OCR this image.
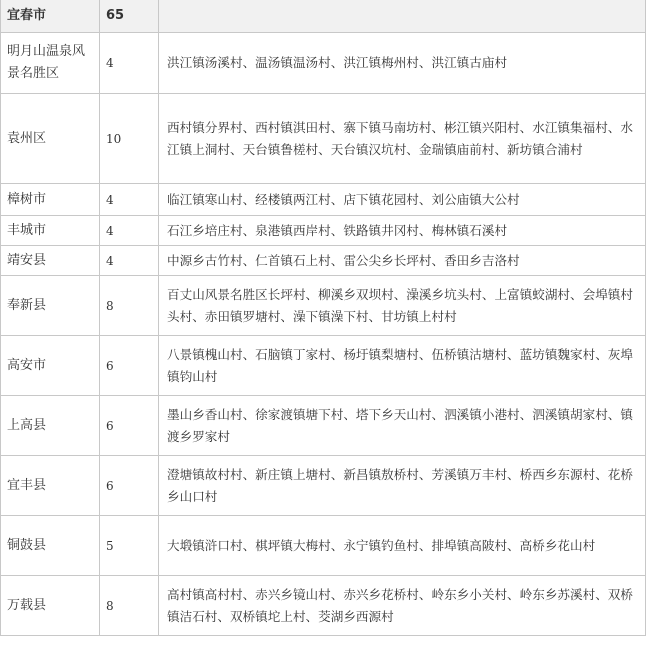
宜春市	65	
明月山温泉风景名胜区	4	洪江镇汤溪村、温汤镇温汤村、洪江镇梅州村、洪江镇古庙村
袁州区	10	西村镇分界村、西村镇淇田村、寨下镇马南坊村、彬江镇兴阳村、水江镇集福村、水江镇上洞村、天台镇鲁槎村、天台镇汉坑村、金瑞镇庙前村、新坊镇合浦村
樟树市	4	临江镇寒山村、经楼镇两江村、店下镇花园村、刘公庙镇大公村
丰城市	4	石江乡培庄村、泉港镇西岸村、铁路镇井冈村、梅林镇石溪村
靖安县	4	中源乡古竹村、仁首镇石上村、雷公尖乡长坪村、香田乡吉洛村
奉新县	8	百丈山风景名胜区长坪村、柳溪乡双坝村、澡溪乡坑头村、上富镇蛟湖村、会埠镇村头村、赤田镇罗塘村、澡下镇澡下村、甘坊镇上村村
高安市	6	八景镇槐山村、石脑镇丁家村、杨圩镇梨塘村、伍桥镇沽塘村、蓝坊镇魏家村、灰埠镇钧山村
上高县	6	墨山乡香山村、徐家渡镇塘下村、塔下乡天山村、泗溪镇小港村、泗溪镇胡家村、镇渡乡罗家村
宜丰县	6	澄塘镇故村村、新庄镇上塘村、新昌镇敖桥村、芳溪镇万丰村、桥西乡东源村、花桥乡山口村
铜鼓县	5	大塅镇浒口村、棋坪镇大梅村、永宁镇钓鱼村、排埠镇高陂村、高桥乡花山村
万载县	8	高村镇高村村、赤兴乡镜山村、赤兴乡花桥村、岭东乡小关村、岭东乡苏溪村、双桥镇洁石村、双桥镇坨上村、茭湖乡西源村
